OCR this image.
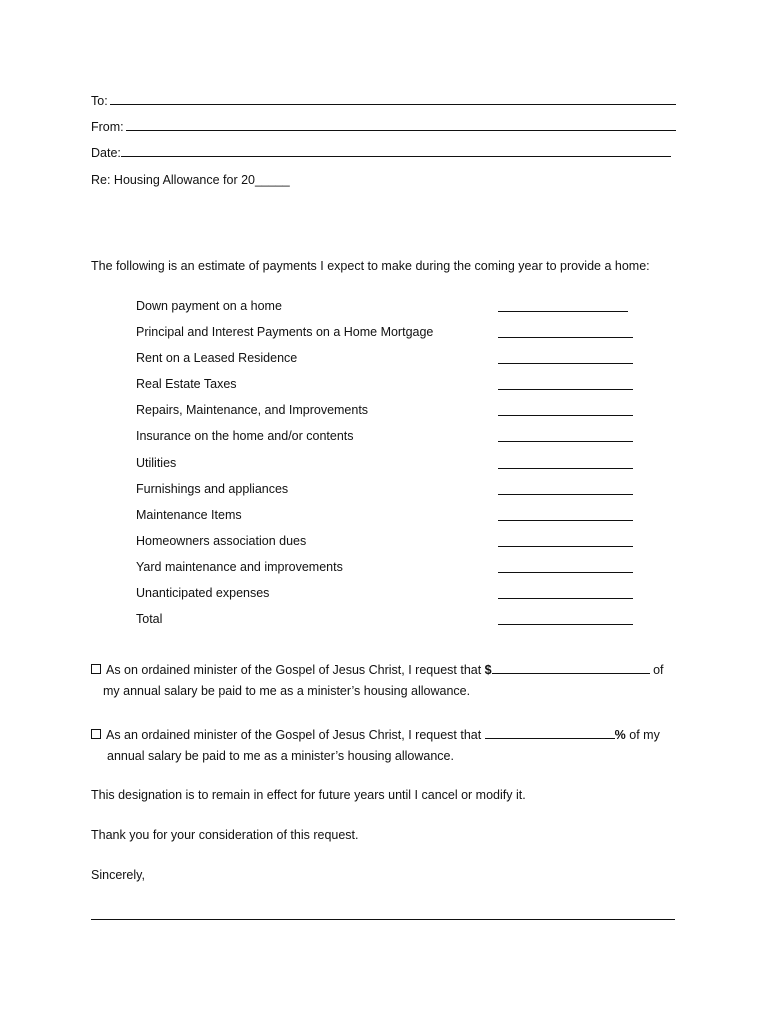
To:
From:
Date:
Re: Housing Allowance for 20_____
The following is an estimate of payments I expect to make during the coming year to provide a home:
Down payment on a home
Principal and Interest Payments on a Home Mortgage
Rent on a Leased Residence
Real Estate Taxes
Repairs, Maintenance, and Improvements
Insurance on the home and/or contents
Utilities
Furnishings and appliances
Maintenance Items
Homeowners association dues
Yard maintenance and improvements
Unanticipated expenses
Total
As on ordained minister of the Gospel of Jesus Christ, I request that $	of
my annual salary be paid to me as a minister’s housing allowance.
As an ordained minister of the Gospel of Jesus Christ, I request that	% of my
annual salary be paid to me as a minister’s housing allowance.
This designation is to remain in effect for future years until I cancel or modify it.
Thank you for your consideration of this request.
Sincerely,
